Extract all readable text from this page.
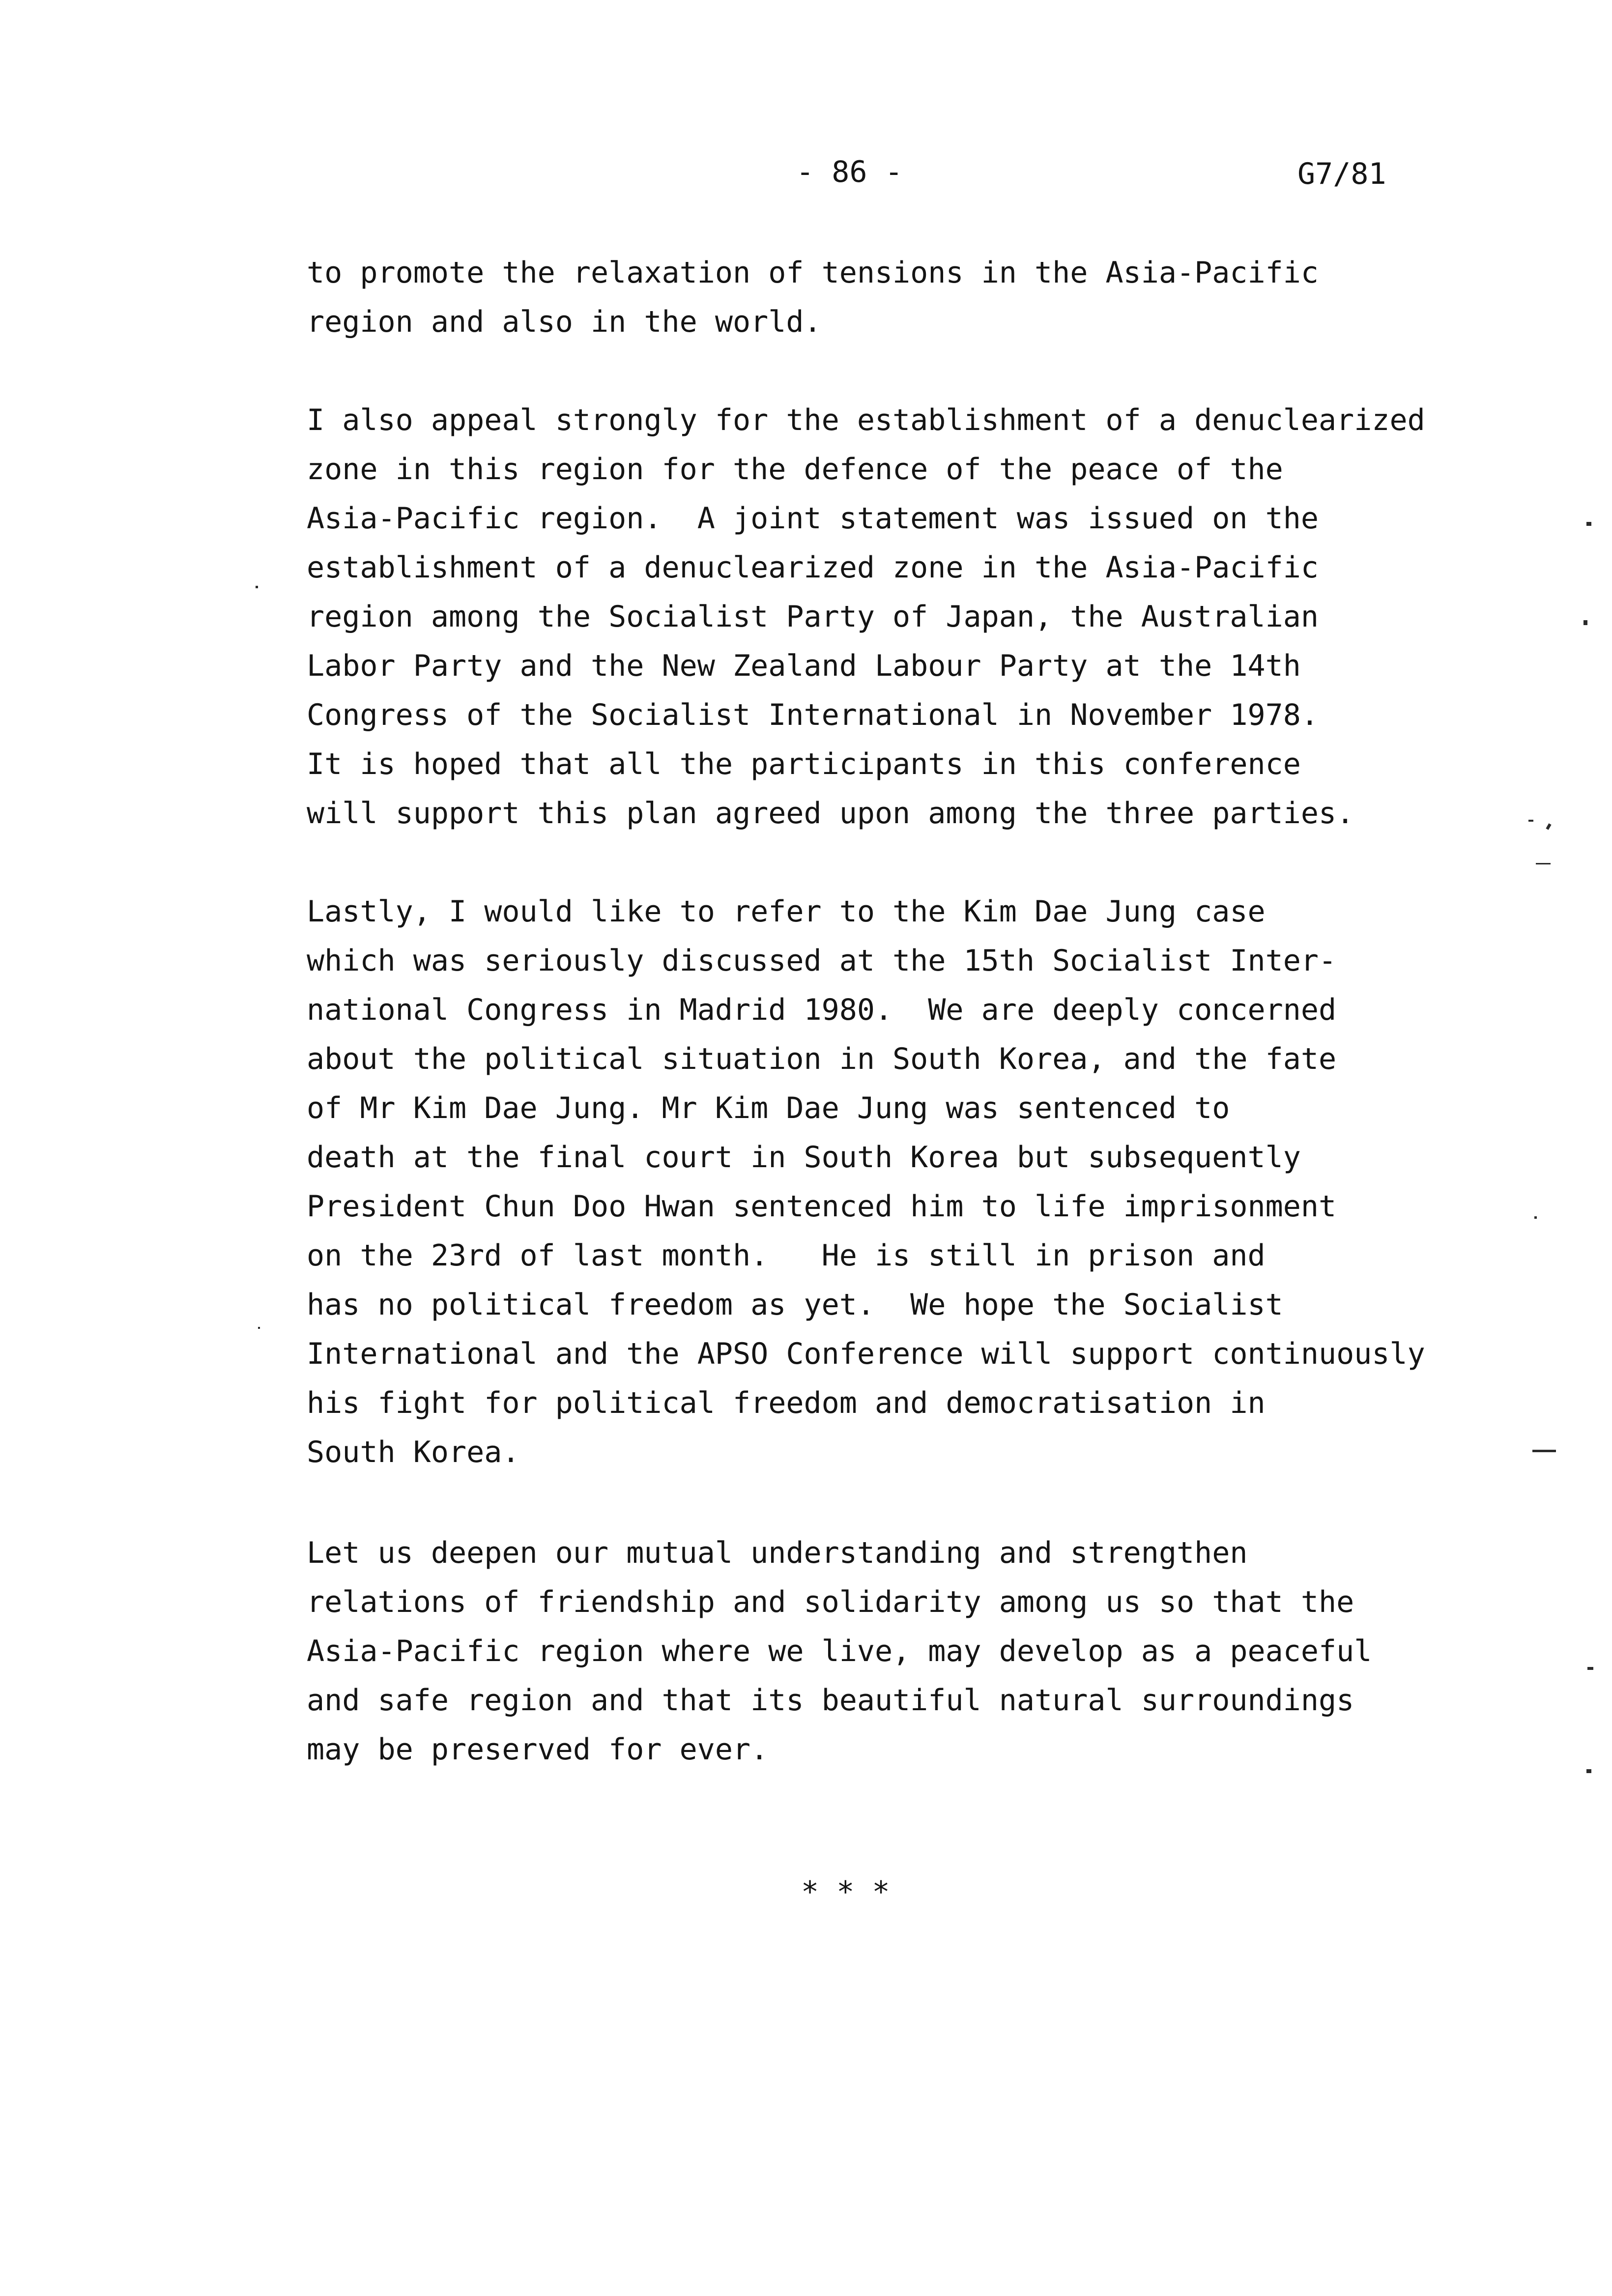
- 86 -	G7/81
to promote the relaxation of tensions in the Asia-Pacific
region and also in the world.
I also appeal strongly for the establishment of a denuclearized
zone in this region for the defence of the peace of the
Asia-Pacific region.  A joint statement was issued on the
establishment of a denuclearized zone in the Asia-Pacific
region among the Socialist Party of Japan, the Australian
Labor Party and the New Zealand Labour Party at the 14th
Congress of the Socialist International in November 1978.
It is hoped that all the participants in this conference
will support this plan agreed upon among the three parties.
Lastly, I would like to refer to the Kim Dae Jung case
which was seriously discussed at the 15th Socialist Inter-
national Congress in Madrid 1980.  We are deeply concerned
about the political situation in South Korea, and the fate
of Mr Kim Dae Jung. Mr Kim Dae Jung was sentenced to
death at the final court in South Korea but subsequently
President Chun Doo Hwan sentenced him to life imprisonment
on the 23rd of last month.   He is still in prison and
has no political freedom as yet.  We hope the Socialist
International and the APSO Conference will support continuously
his fight for political freedom and democratisation in
South Korea.
Let us deepen our mutual understanding and strengthen
relations of friendship and solidarity among us so that the
Asia-Pacific region where we live, may develop as a peaceful
and safe region and that its beautiful natural surroundings
may be preserved for ever.
* * *
